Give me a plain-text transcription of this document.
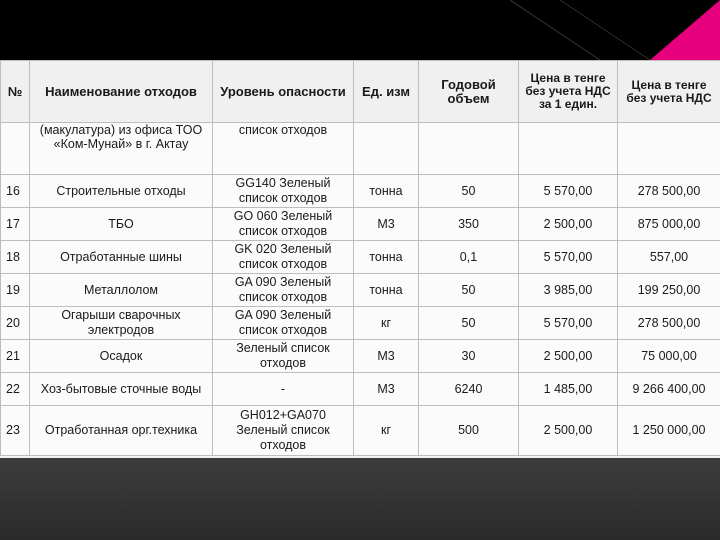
№	Наименование отходов	Уровень опасности	Ед. изм	Годовой объем	Цена в тенге без учета НДС за 1 един.	Цена в тенге без учета НДС
	(макулатура) из офиса ТОО «Ком-Мунай» в г. Актау	список отходов				
16	Строительные отходы	GG140 Зеленый список отходов	тонна	50	5 570,00	278 500,00
17	ТБО	GO 060 Зеленый список отходов	М3	350	2 500,00	875 000,00
18	Отработанные шины	GK 020 Зеленый список отходов	тонна	0,1	5 570,00	557,00
19	Металлолом	GA 090 Зеленый список отходов	тонна	50	3 985,00	199 250,00
20	Огарыши сварочных электродов	GA 090 Зеленый список отходов	кг	50	5 570,00	278 500,00
21	Осадок	Зеленый список отходов	М3	30	2 500,00	75 000,00
22	Хоз-бытовые сточные воды	-	М3	6240	1 485,00	9 266 400,00
23	Отработанная орг.техника	GH012+GA070 Зеленый список отходов	кг	500	2 500,00	1 250 000,00
